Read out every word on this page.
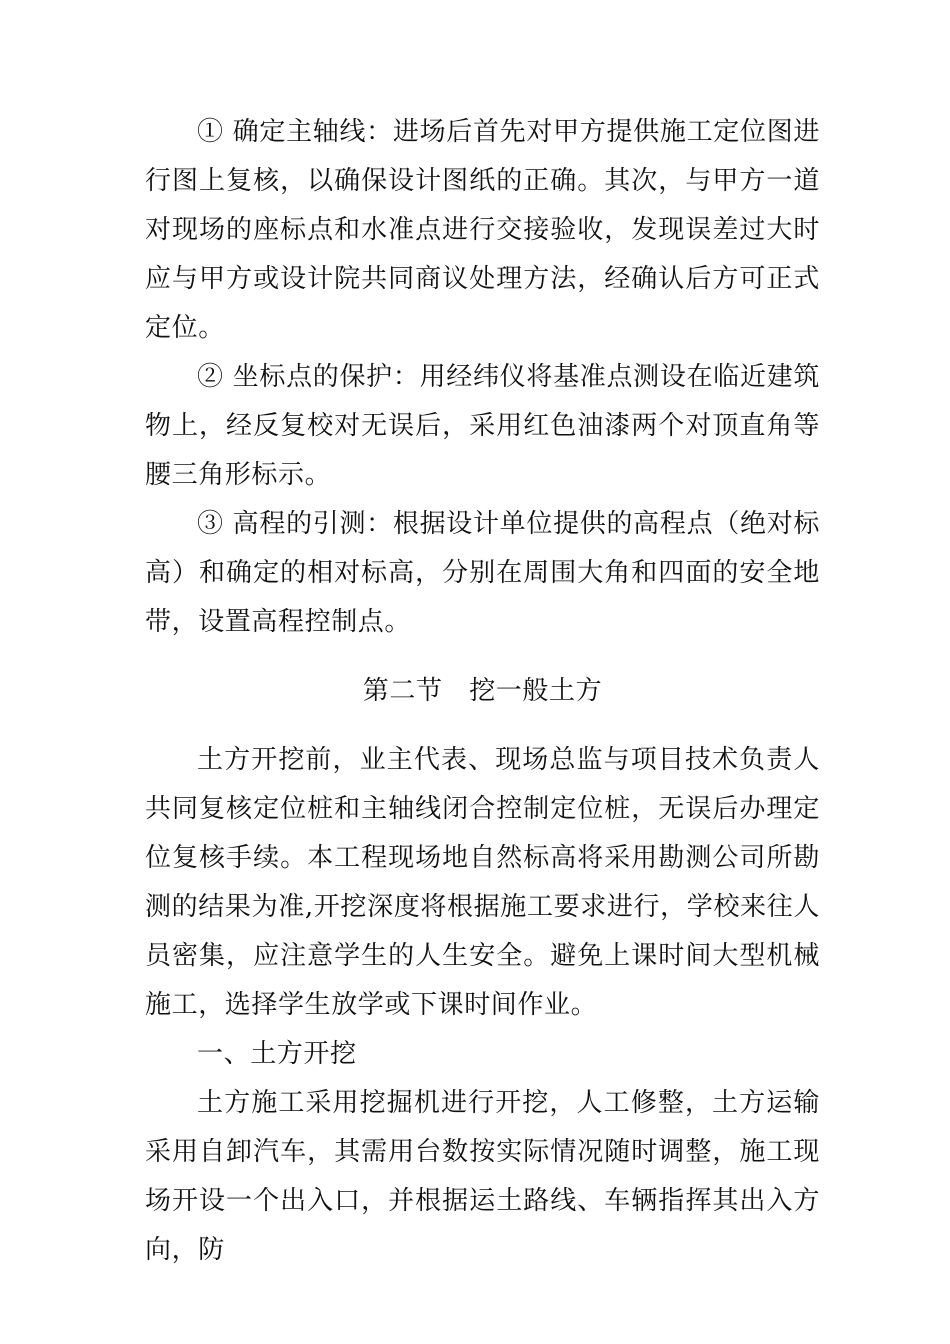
① 确定主轴线：进场后首先对甲方提供施工定位图进行图上复核，以确保设计图纸的正确。其次，与甲方一道对现场的座标点和水准点进行交接验收，发现误差过大时应与甲方或设计院共同商议处理方法，经确认后方可正式定位。

② 坐标点的保护：用经纬仪将基准点测设在临近建筑物上，经反复校对无误后，采用红色油漆两个对顶直角等腰三角形标示。

③ 高程的引测：根据设计单位提供的高程点（绝对标高）和确定的相对标高，分别在周围大角和四面的安全地带，设置高程控制点。

第二节　挖一般土方

土方开挖前，业主代表、现场总监与项目技术负责人共同复核定位桩和主轴线闭合控制定位桩，无误后办理定位复核手续。本工程现场地自然标高将采用勘测公司所勘测的结果为准,开挖深度将根据施工要求进行，学校来往人员密集，应注意学生的人生安全。避免上课时间大型机械施工，选择学生放学或下课时间作业。

一、土方开挖

土方施工采用挖掘机进行开挖，人工修整，土方运输采用自卸汽车，其需用台数按实际情况随时调整，施工现场开设一个出入口，并根据运土路线、车辆指挥其出入方向，防
